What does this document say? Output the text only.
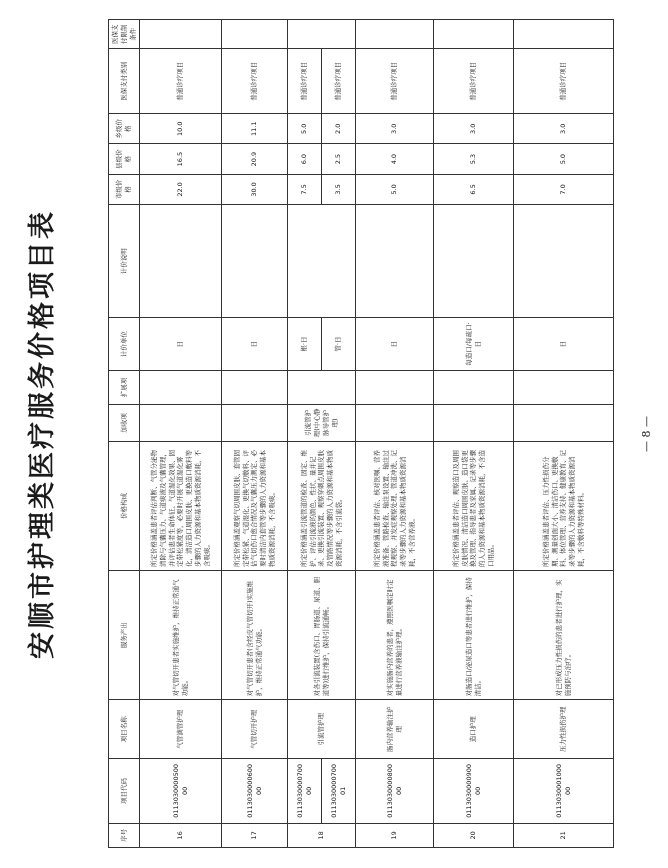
安顺市护理类医疗服务价格项目表
序号	项目代码	项目名称	服务产出	价格构成	加收项	扩展项	计价单位	计价说明	市级价格	县级价格	乡级价格	医保支付类别	医保支付限制条件
16	011303000050000	气管滴管护理	对气管切开患者实施维护，维持正常通气功能。	所定价格涵盖患者评估判断、气管分泌物清除与气囊压力、气道痰液及气囊管理，并评估患者生命体征、气道湿化效果、固定带松紧度等，必要时开展气道湿化雾化，清洁造口周围皮肤、更换造口敷料等步骤的人力资源和基本物质资源消耗，不含吸痰。			日		22.0	16.5	10.0	普通诊疗项目	
17	011303000060000	气管切开护理	对气管切开患者(含经皮气管切开)实施维护，维持正常通气功能。	所定价格涵盖观察气切周围皮肤、套管固定带松紧、气道湿化、更换气切敷料、评估气切伤口愈合情况及气囊压力测定、必要时清洁内套管等步骤的人力资源和基本物质资源消耗，不含吸痰。			日		30.0	20.9	11.1	普通诊疗项目	
18	011303000070000	引流管护理	对各引流装置(含伤口、胃肠道、尿道、胆道等)进行维护，保持引流通畅。	所定价格涵盖引流管道的检查、固定、维护、评估引流液的颜色、性状、量并记录、更换引流装置、观察穿刺点周围皮肤及管路情况等步骤的人力资源和基本物质资源消耗，不含引流袋。	引流管护理(中心静脉导管护理)		根·日		7.5	6.0	5.0	普通诊疗项目	
	011303000070001						管·日		3.5	2.5	2.0	普通诊疗项目	
19	011303000080000	肠内营养输注护理	对实施肠内营养的患者，遵照医嘱定时定量进行营养液输注护理。	所定价格涵盖患者评估、核对医嘱、营养液准备、管路检查、输注泵设置、输注过程观察、并发症观察处理、管道冲洗、记录等步骤的人力资源和基本物质资源消耗，不含营养液。			日		5.0	4.0	3.0	普通诊疗项目	
20	011303000090000	造口护理	对肠造口/泌尿造口等患者进行维护，保持清洁。	所定价格涵盖患者评估、观察造口及周围皮肤情况、清洁造口周围皮肤、造口袋更换及管理、指导患者及家属、记录等步骤的人力资源和基本物质资源消耗，不含造口用品。			每造口/每疏口·日		6.5	5.3	3.0	普通诊疗项目	
21	011303000100000	压力性损伤护理	对已形成压力性损伤的患者进行护理，实施预防与治疗。	所定价格涵盖患者评估、压力性损伤分期、测量创面大小、清洁伤口、更换敷料、体位管理、营养支持、健康教育、记录等步骤的人力资源和基本物质资源消耗，不含敷料等特殊材料。			日		7.0	5.0	3.0	普通诊疗项目	
— 8 —
